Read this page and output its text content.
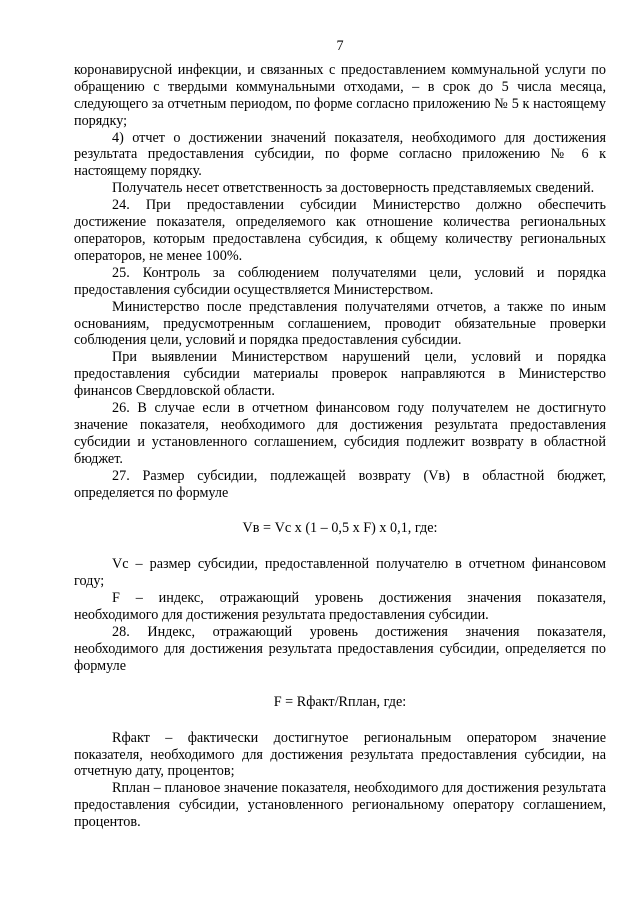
7

коронавирусной инфекции, и связанных с предоставлением коммунальной услуги по обращению с твердыми коммунальными отходами, – в срок до 5 числа месяца, следующего за отчетным периодом, по форме согласно приложению № 5 к настоящему порядку;

4) отчет о достижении значений показателя, необходимого для достижения результата предоставления субсидии, по форме согласно приложению № 6 к настоящему порядку.

Получатель несет ответственность за достоверность представляемых сведений.

24. При предоставлении субсидии Министерство должно обеспечить достижение показателя, определяемого как отношение количества региональных операторов, которым предоставлена субсидия, к общему количеству региональных операторов, не менее 100%.

25. Контроль за соблюдением получателями цели, условий и порядка предоставления субсидии осуществляется Министерством.

Министерство после представления получателями отчетов, а также по иным основаниям, предусмотренным соглашением, проводит обязательные проверки соблюдения цели, условий и порядка предоставления субсидии.

При выявлении Министерством нарушений цели, условий и порядка предоставления субсидии материалы проверок направляются в Министерство финансов Свердловской области.

26. В случае если в отчетном финансовом году получателем не достигнуто значение показателя, необходимого для достижения результата предоставления субсидии и установленного соглашением, субсидия подлежит возврату в областной бюджет.

27. Размер субсидии, подлежащей возврату (Vв) в областной бюджет, определяется по формуле

Vв = Vс x (1 – 0,5 x F) x 0,1, где:

Vс – размер субсидии, предоставленной получателю в отчетном финансовом году;

F – индекс, отражающий уровень достижения значения показателя, необходимого для достижения результата предоставления субсидии.

28. Индекс, отражающий уровень достижения значения показателя, необходимого для достижения результата предоставления субсидии, определяется по формуле

F = Rфакт/Rплан, где:

Rфакт – фактически достигнутое региональным оператором значение показателя, необходимого для достижения результата предоставления субсидии, на отчетную дату, процентов;

Rплан – плановое значение показателя, необходимого для достижения результата предоставления субсидии, установленного региональному оператору соглашением, процентов.
